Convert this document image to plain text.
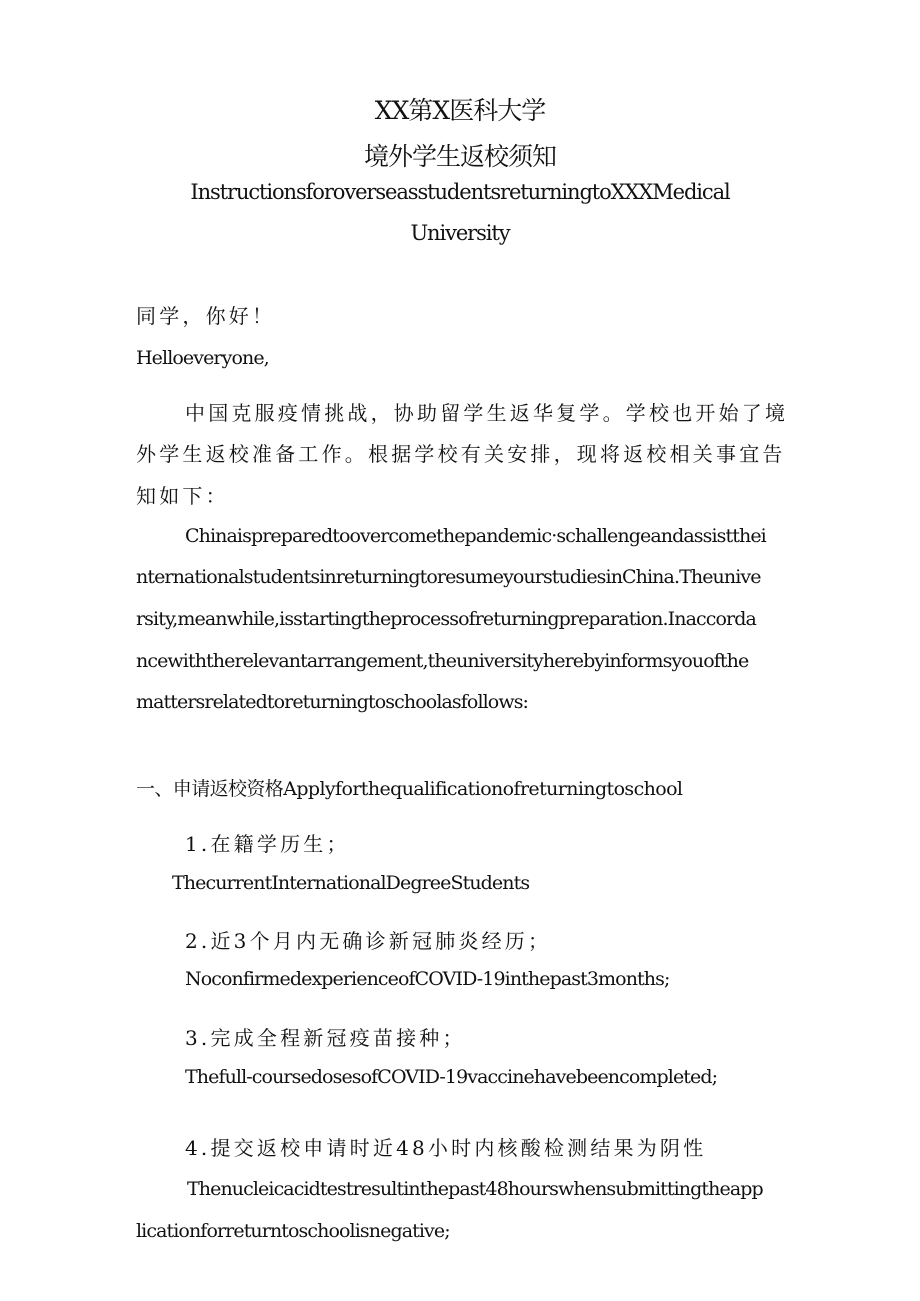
XX第X医科大学
境外学生返校须知
InstructionsforoverseasstudentsreturningtoXXXMedical
University
同学，你好！
Helloeveryone,
中国克服疫情挑战，协助留学生返华复学。学校也开始了境
外学生返校准备工作。根据学校有关安排，现将返校相关事宜告
知如下：
Chinaispreparedtoovercomethepandemic·schallengeandassistthei
nternationalstudentsinreturningtoresumeyourstudiesinChina.Theunive
rsity,meanwhile,isstartingtheprocessofreturningpreparation.Inaccorda
ncewiththerelevantarrangement,theuniversityherebyinformsyouofthe
mattersrelatedtoreturningtoschoolasfollows:
一、申请返校资格Applyforthequalificationofreturningtoschool
1.在籍学历生；
ThecurrentInternationalDegreeStudents
2.近3个月内无确诊新冠肺炎经历；
NoconfirmedexperienceofCOVID-19inthepast3months;
3.完成全程新冠疫苗接种；
Thefull-coursedosesofCOVID-19vaccinehavebeencompleted;
4.提交返校申请时近48小时内核酸检测结果为阴性
Thenucleicacidtestresultinthepast48hourswhensubmittingtheapp
licationforreturntoschoolisnegative;
